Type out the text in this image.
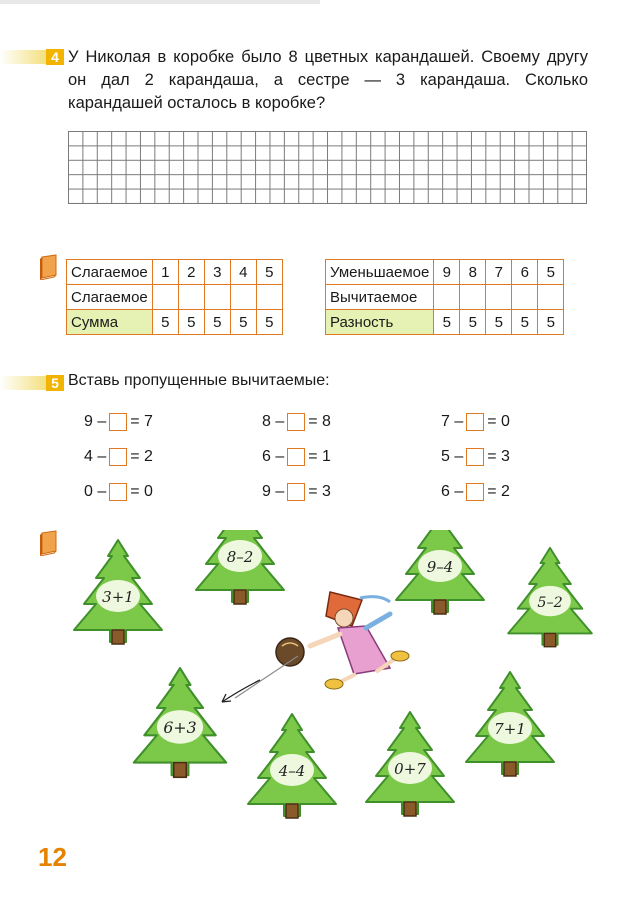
4 У Николая в коробке было 8 цветных карандашей. Своему другу он дал 2 карандаша, а сестре — 3 карандаша. Сколько карандашей осталось в коробке?
Слагаемое	1	2	3	4	5
Слагаемое					
Сумма	5	5	5	5	5
Уменьшаемое	9	8	7	6	5
Вычитаемое					
Разность	5	5	5	5	5
5 Вставь пропущенные вычитаемые:
9 – = 7	8 – = 8	7 – = 0
4 – = 2	6 – = 1	5 – = 3
0 – = 0	9 – = 3	6 – = 2
3+1
8–2
9–4
5–2
6+3
4–4	0+7
7+1
12
